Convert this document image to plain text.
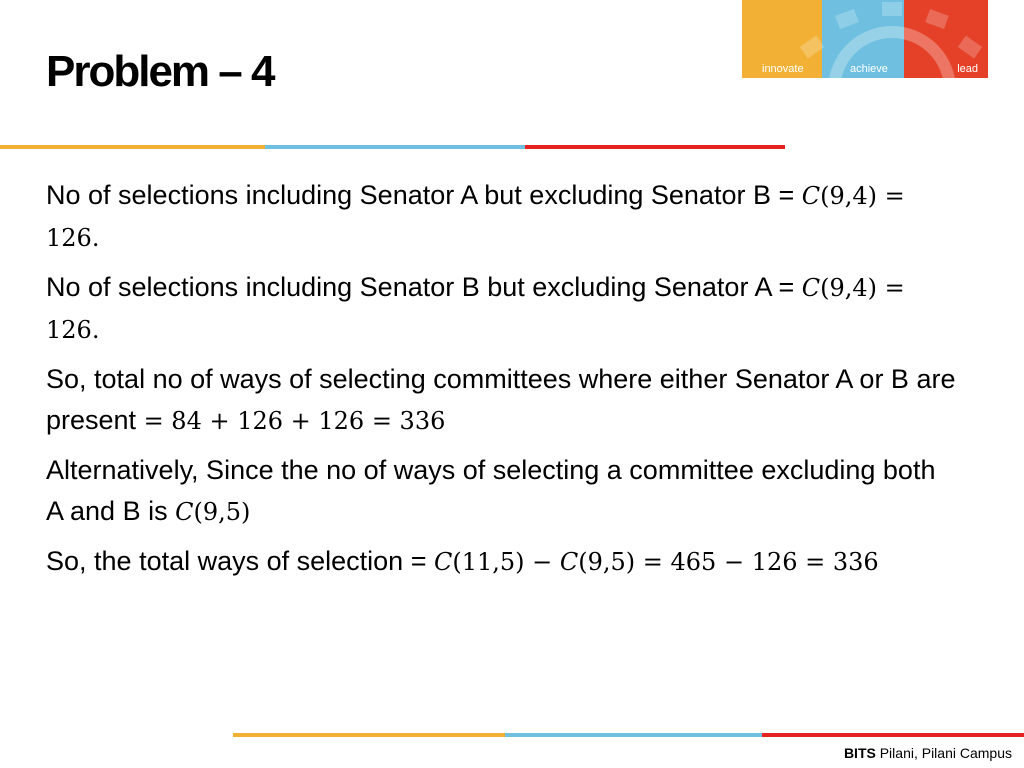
Problem – 4	innovate	achieve	lead

No of selections including Senator A but excluding Senator B = C(9,4) = 126.

No of selections including Senator B but excluding Senator A = C(9,4) = 126.

So, total no of ways of selecting committees where either Senator A or B are present = 84 + 126 + 126 = 336

Alternatively, Since the no of ways of selecting a committee excluding both A and B is C(9,5)

So, the total ways of selection = C(11,5) − C(9,5) = 465 − 126 = 336

BITS Pilani, Pilani Campus
